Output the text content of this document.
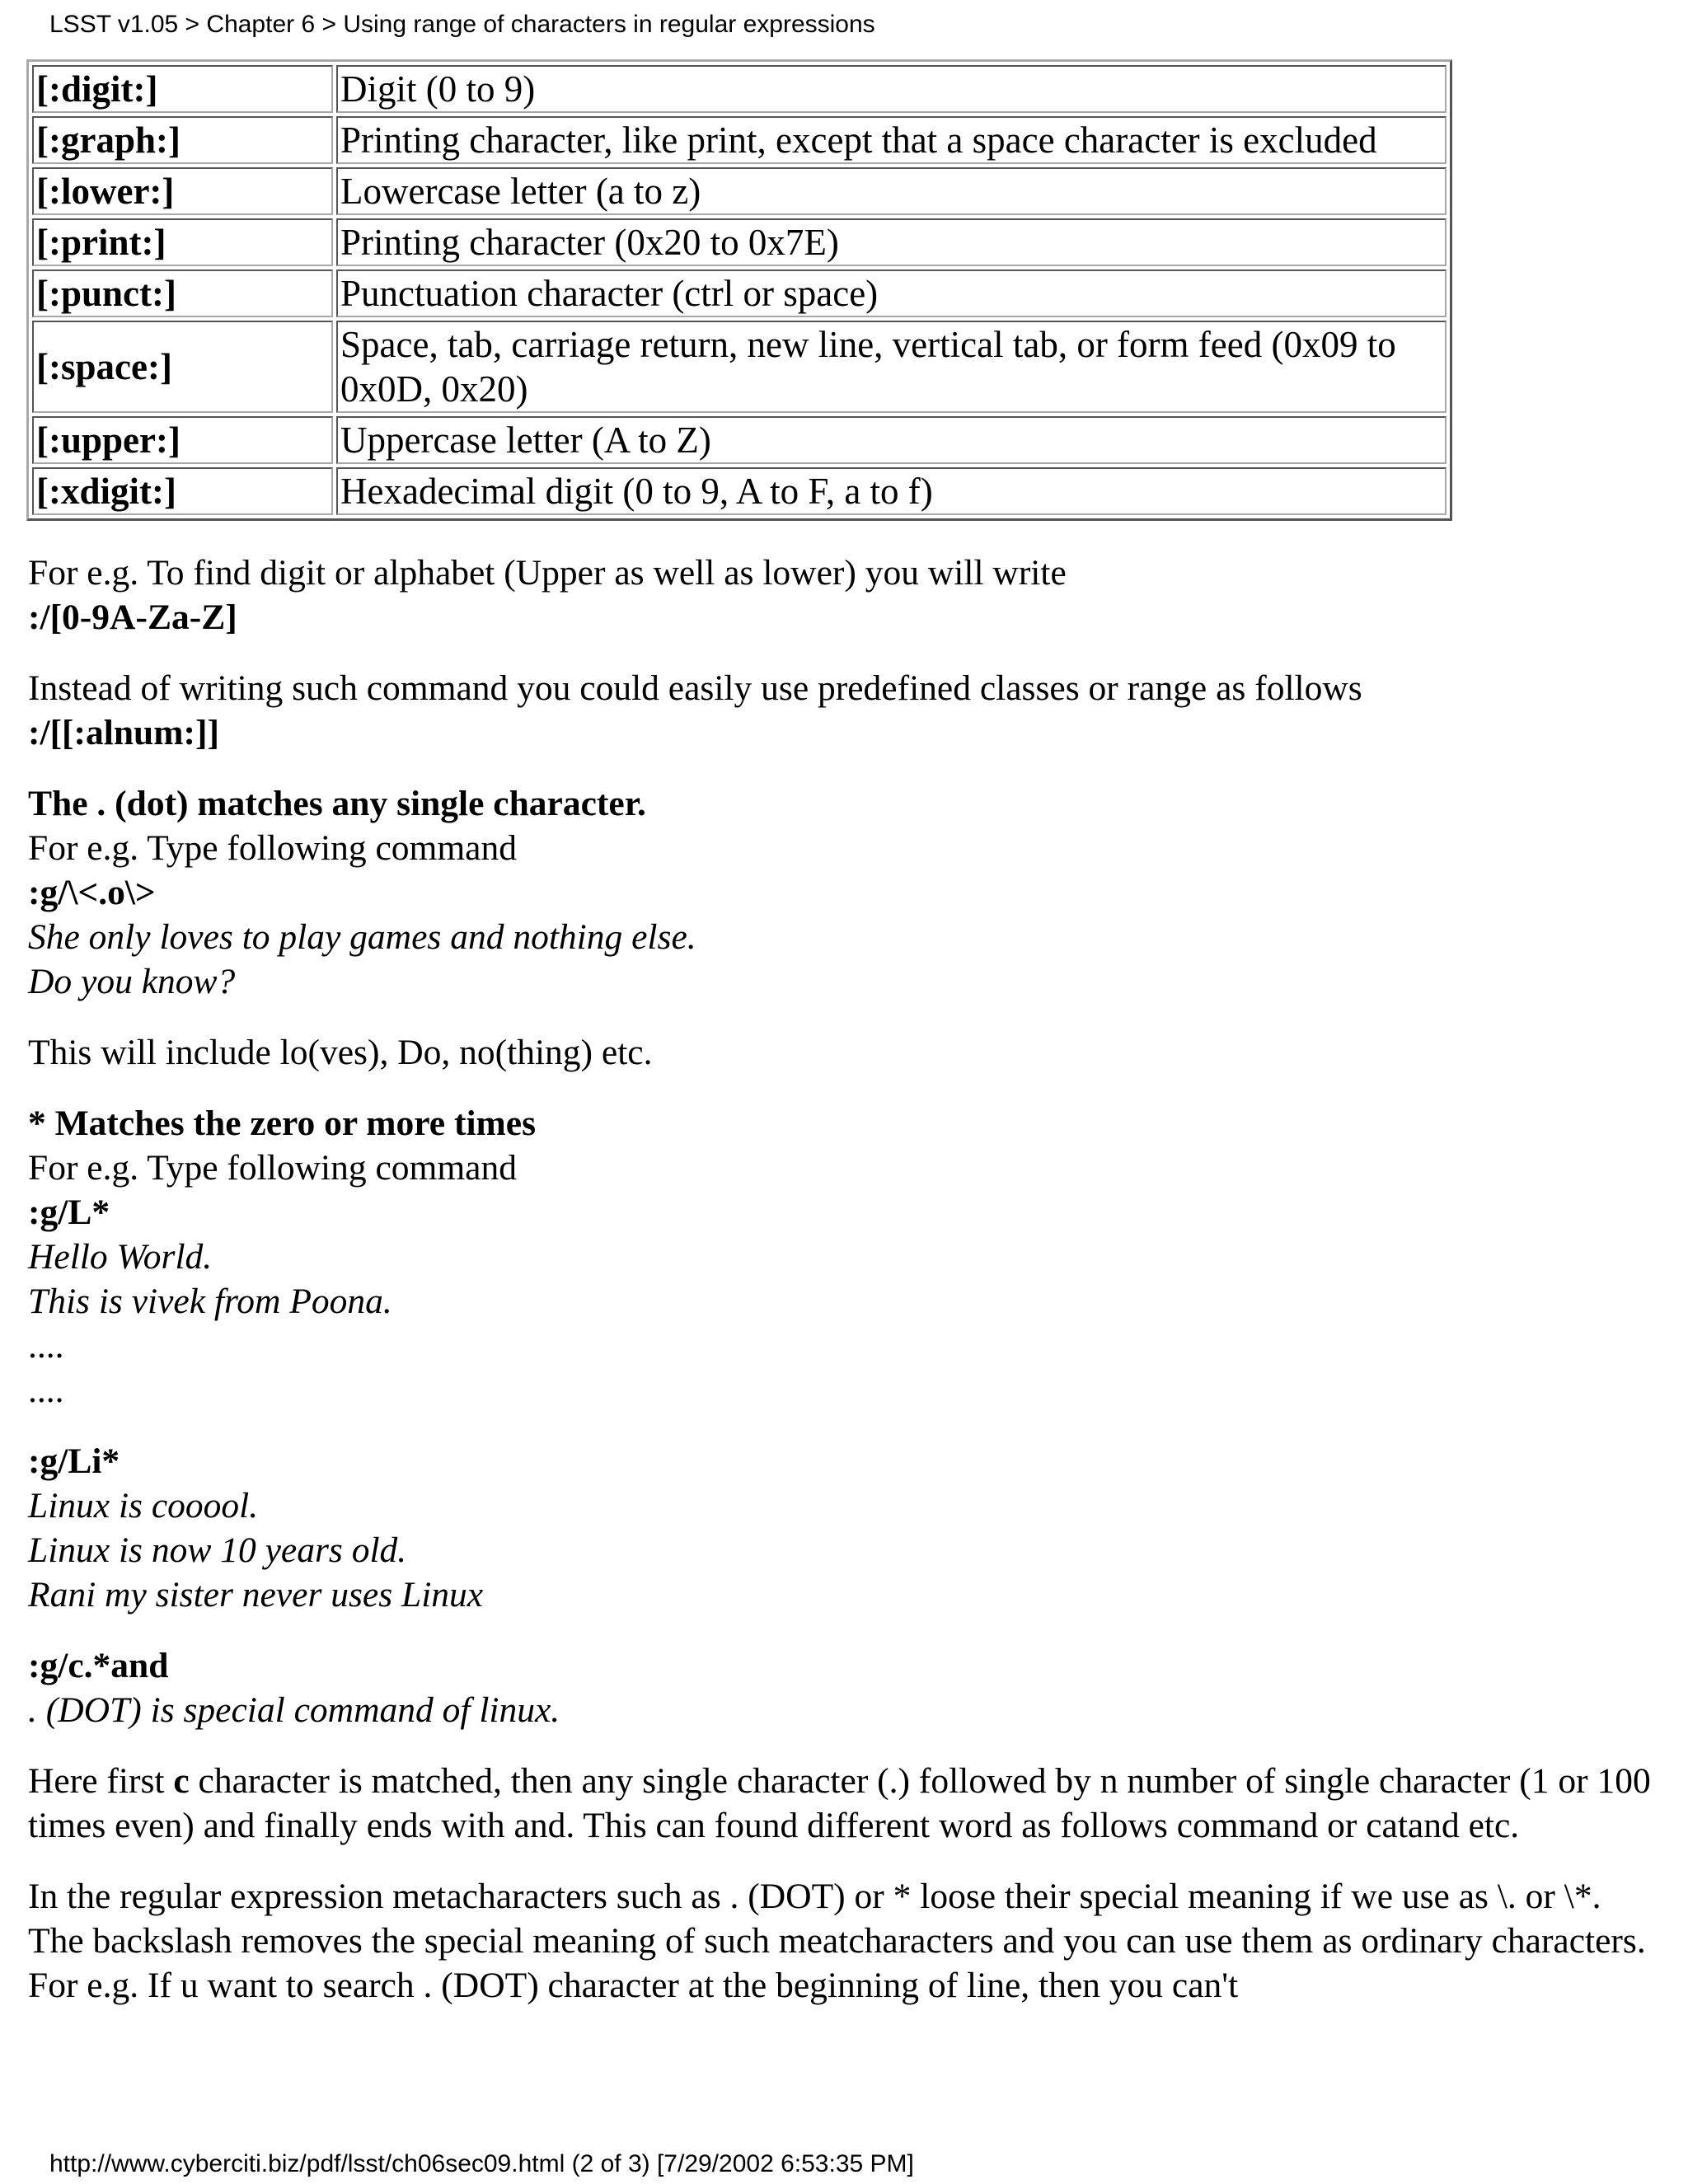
LSST v1.05 > Chapter 6 > Using range of characters in regular expressions
[:digit:]	Digit (0 to 9)
[:graph:]	Printing character, like print, except that a space character is excluded
[:lower:]	Lowercase letter (a to z)
[:print:]	Printing character (0x20 to 0x7E)
[:punct:]	Punctuation character (ctrl or space)
[:space:]	Space, tab, carriage return, new line, vertical tab, or form feed (0x09 to 0x0D, 0x20)
[:upper:]	Uppercase letter (A to Z)
[:xdigit:]	Hexadecimal digit (0 to 9, A to F, a to f)

For e.g. To find digit or alphabet (Upper as well as lower) you will write
:/[0-9A-Za-Z]

Instead of writing such command you could easily use predefined classes or range as follows
:/[[:alnum:]]

The . (dot) matches any single character.
For e.g. Type following command
:g/\<.o\>
She only loves to play games and nothing else.
Do you know?

This will include lo(ves), Do, no(thing) etc.

* Matches the zero or more times
For e.g. Type following command
:g/L*
Hello World.
This is vivek from Poona.
....
....

:g/Li*
Linux is cooool.
Linux is now 10 years old.
Rani my sister never uses Linux

:g/c.*and
. (DOT) is special command of linux.

Here first c character is matched, then any single character (.) followed by n number of single character (1 or 100 times even) and finally ends with and. This can found different word as follows command or catand etc.

In the regular expression metacharacters such as . (DOT) or * loose their special meaning if we use as \. or \*. The backslash removes the special meaning of such meatcharacters and you can use them as ordinary characters. For e.g. If u want to search . (DOT) character at the beginning of line, then you can't

http://www.cyberciti.biz/pdf/lsst/ch06sec09.html (2 of 3) [7/29/2002 6:53:35 PM]
